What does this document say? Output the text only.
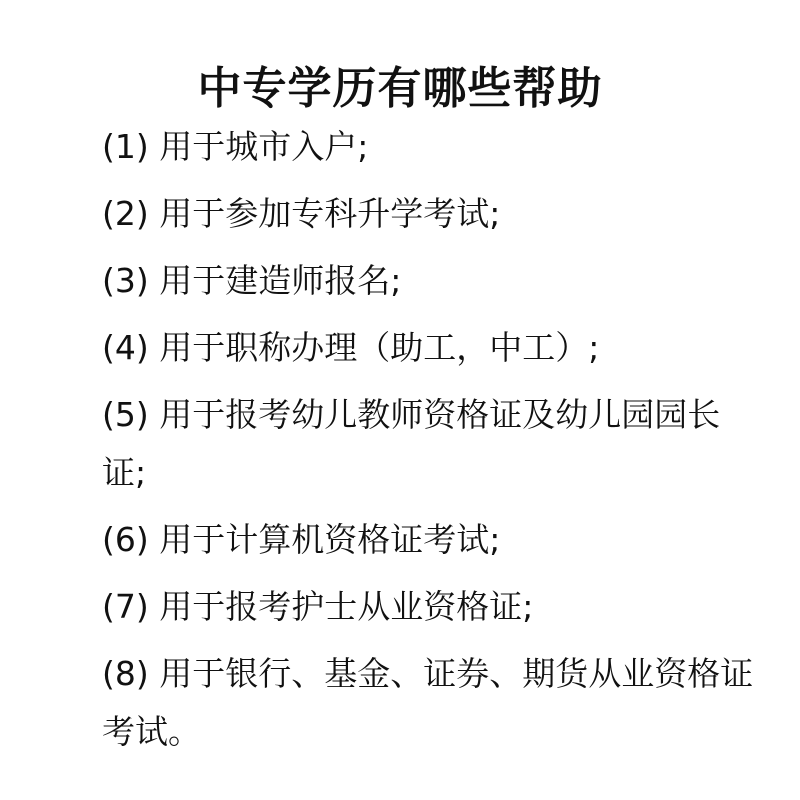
中专学历有哪些帮助
(1) 用于城市入户;
(2) 用于参加专科升学考试;
(3) 用于建造师报名;
(4) 用于职称办理（助工，中工）;
(5) 用于报考幼儿教师资格证及幼儿园园长证;
(6) 用于计算机资格证考试;
(7) 用于报考护士从业资格证;
(8) 用于银行、基金、证券、期货从业资格证考试。
